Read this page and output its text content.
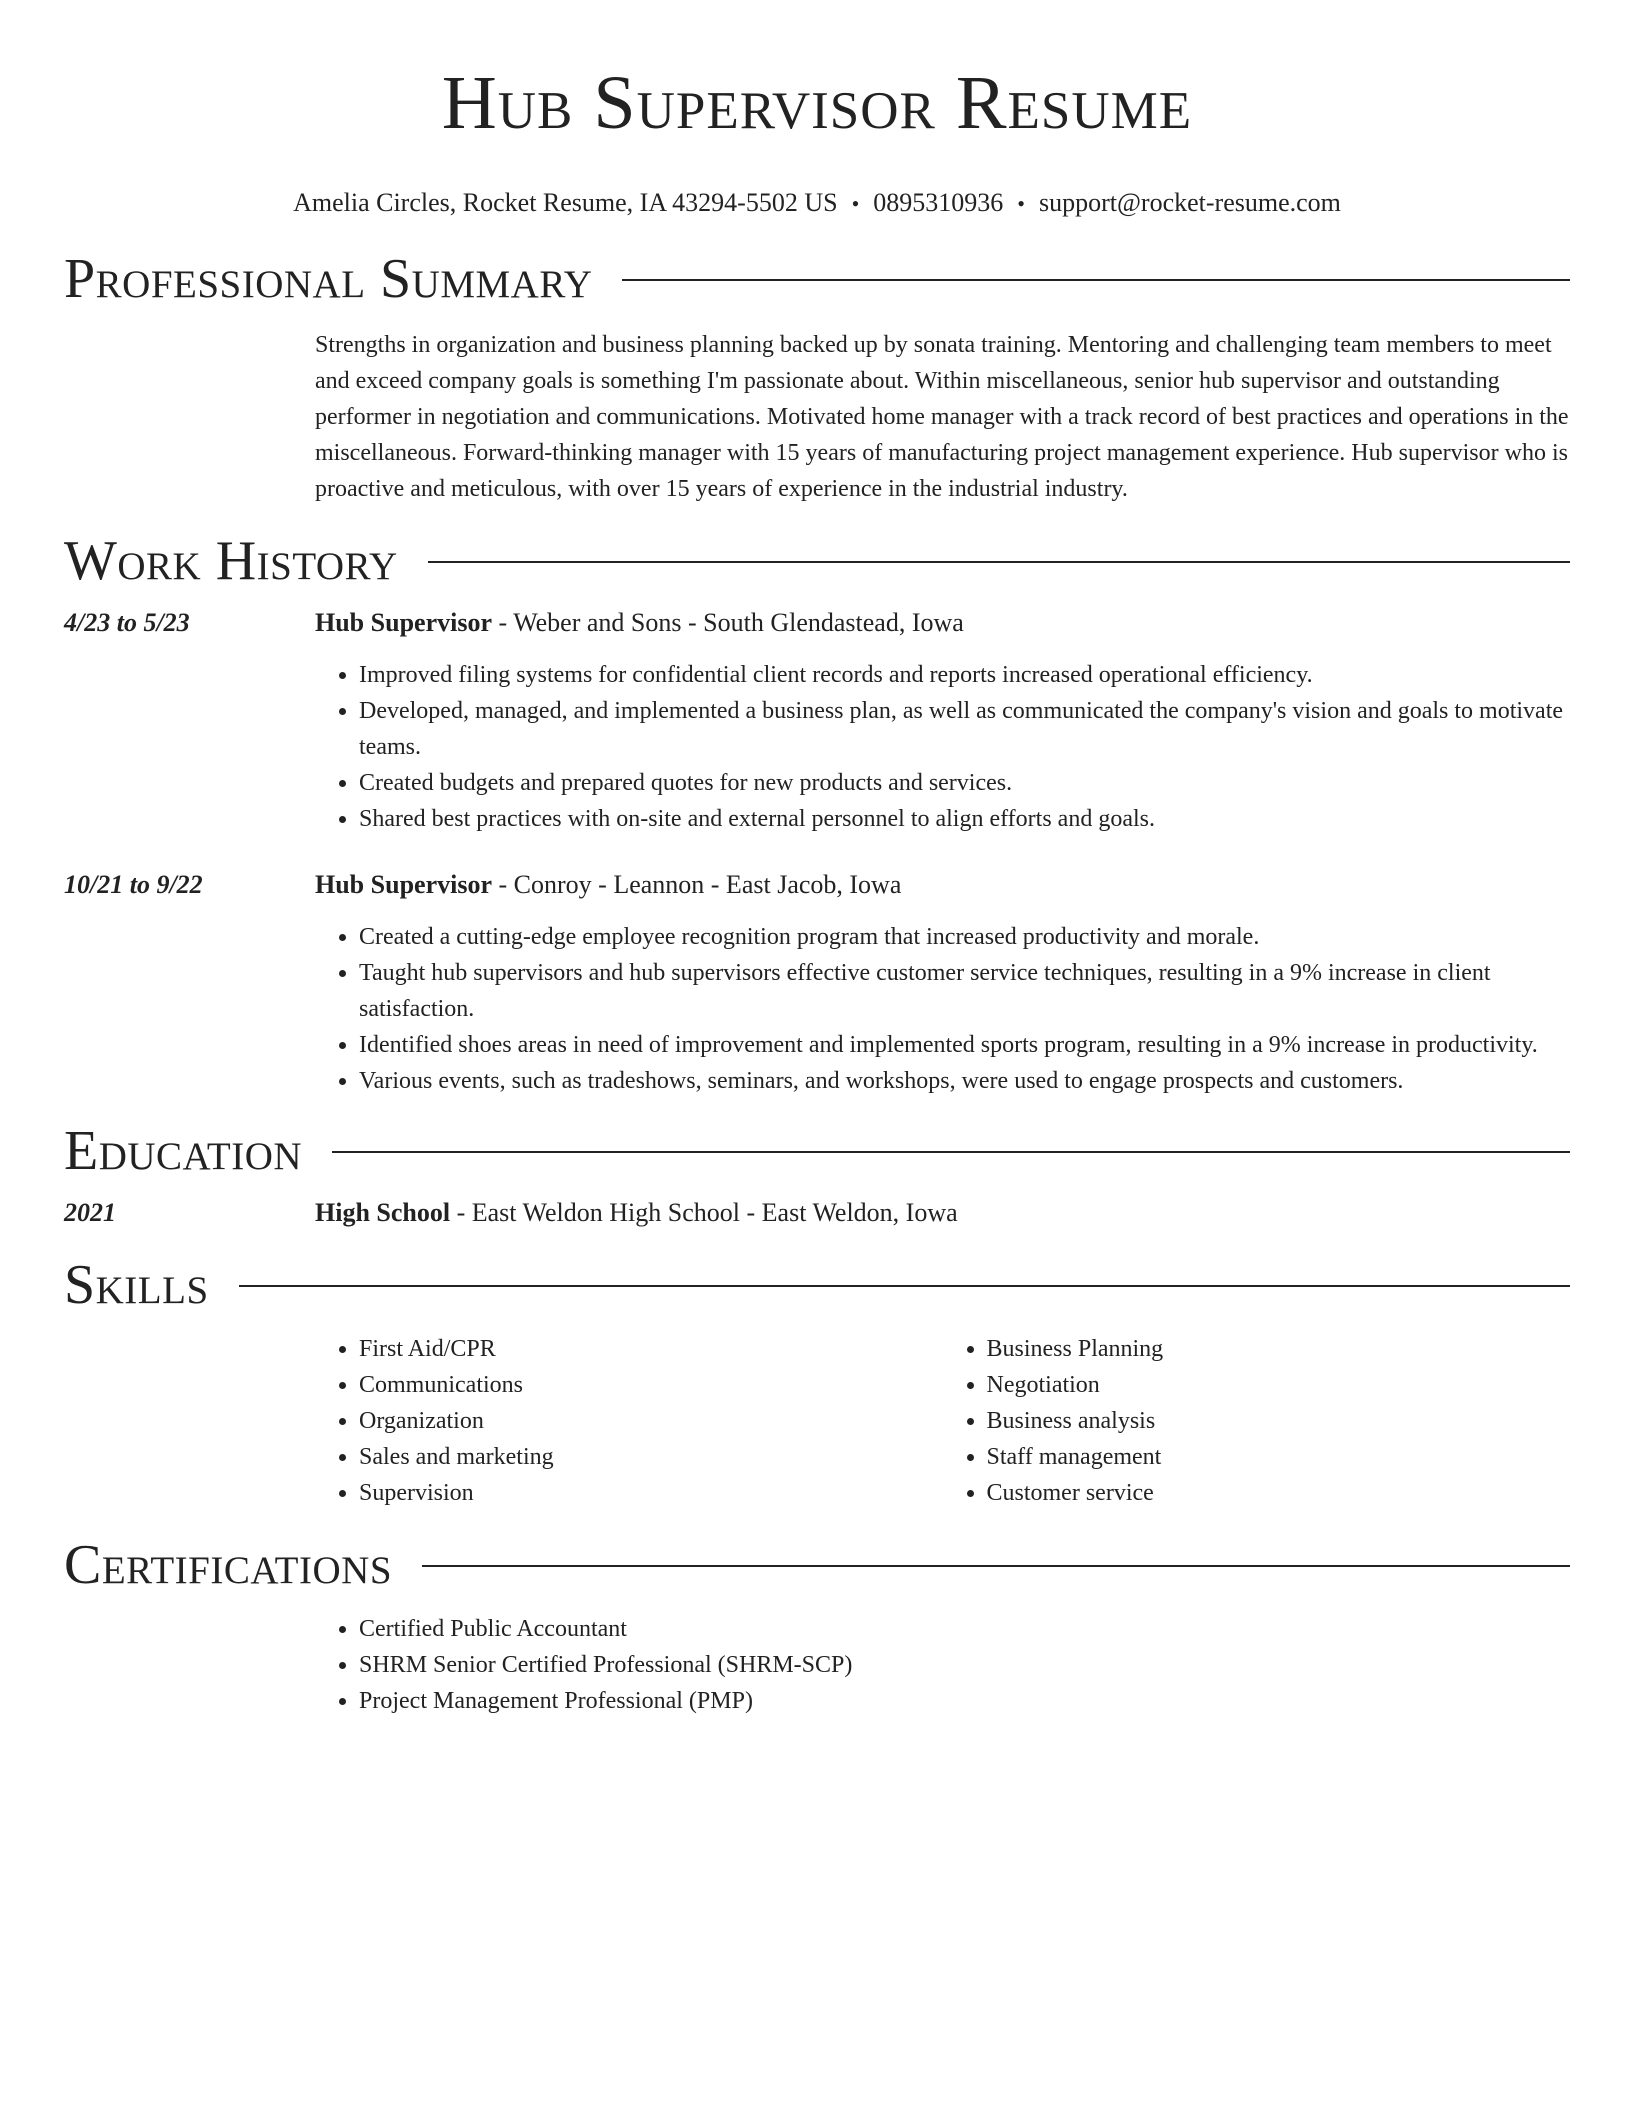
Hub Supervisor Resume
Amelia Circles, Rocket Resume, IA 43294-5502 US • 0895310936 • support@rocket-resume.com
Professional Summary
Strengths in organization and business planning backed up by sonata training. Mentoring and challenging team members to meet and exceed company goals is something I'm passionate about. Within miscellaneous, senior hub supervisor and outstanding performer in negotiation and communications. Motivated home manager with a track record of best practices and operations in the miscellaneous. Forward-thinking manager with 15 years of manufacturing project management experience. Hub supervisor who is proactive and meticulous, with over 15 years of experience in the industrial industry.
Work History
4/23 to 5/23	Hub Supervisor - Weber and Sons - South Glendastead, Iowa
• Improved filing systems for confidential client records and reports increased operational efficiency.
• Developed, managed, and implemented a business plan, as well as communicated the company's vision and goals to motivate teams.
• Created budgets and prepared quotes for new products and services.
• Shared best practices with on-site and external personnel to align efforts and goals.
10/21 to 9/22	Hub Supervisor - Conroy - Leannon - East Jacob, Iowa
• Created a cutting-edge employee recognition program that increased productivity and morale.
• Taught hub supervisors and hub supervisors effective customer service techniques, resulting in a 9% increase in client satisfaction.
• Identified shoes areas in need of improvement and implemented sports program, resulting in a 9% increase in productivity.
• Various events, such as tradeshows, seminars, and workshops, were used to engage prospects and customers.
Education
2021	High School - East Weldon High School - East Weldon, Iowa
Skills
• First Aid/CPR
• Communications
• Organization
• Sales and marketing
• Supervision
• Business Planning
• Negotiation
• Business analysis
• Staff management
• Customer service
Certifications
• Certified Public Accountant
• SHRM Senior Certified Professional (SHRM-SCP)
• Project Management Professional (PMP)
